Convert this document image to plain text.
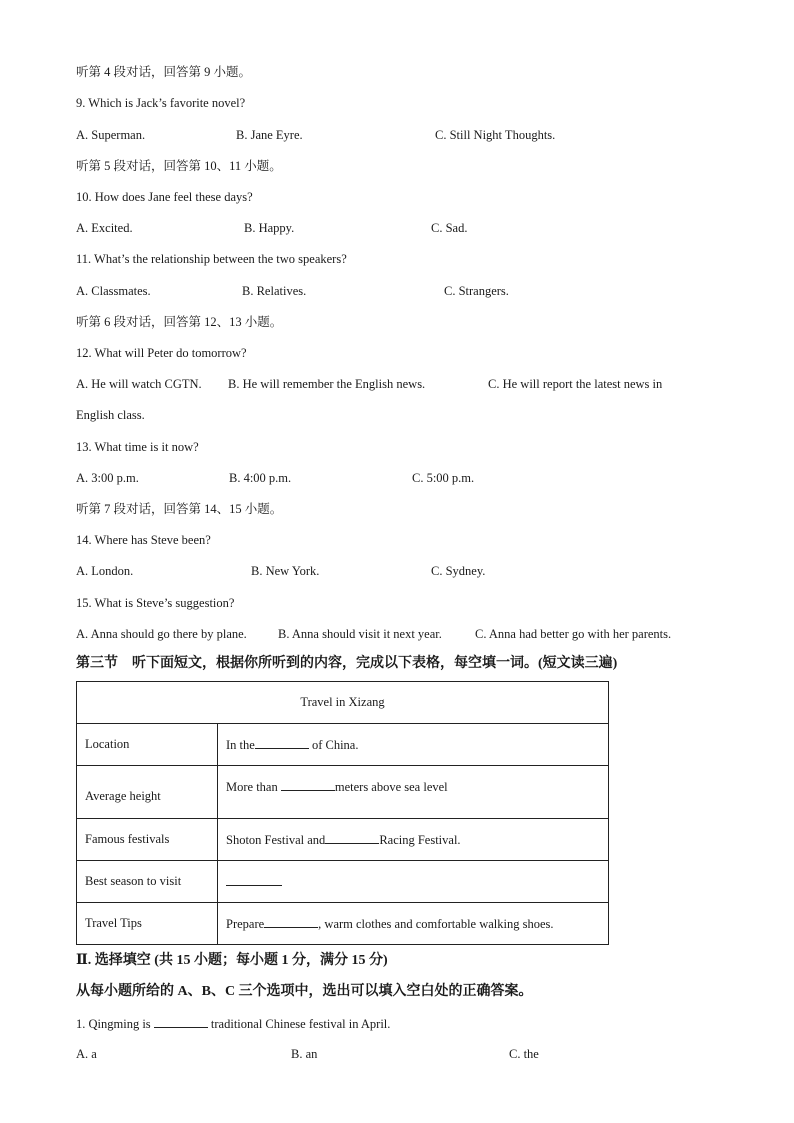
听第 4 段对话，回答第 9 小题。
9. Which is Jack’s favorite novel?
A. Superman.	B. Jane Eyre.	C. Still Night Thoughts.
听第 5 段对话，回答第 10、11 小题。
10. How does Jane feel these days?
A. Excited.	B. Happy.	C. Sad.
11. What’s the relationship between the two speakers?
A. Classmates.	B. Relatives.	C. Strangers.
听第 6 段对话，回答第 12、13 小题。
12. What will Peter do tomorrow?
A. He will watch CGTN. B. He will remember the English news.	C. He will report the latest news in
English class.
13. What time is it now?
A. 3:00 p.m.	B. 4:00 p.m.	C. 5:00 p.m.
听第 7 段对话，回答第 14、15 小题。
14. Where has Steve been?
A. London.	B. New York.	C. Sydney.
15. What is Steve’s suggestion?
A. Anna should go there by plane. B. Anna should visit it next year.	C. Anna had better go with her parents.
第三节　听下面短文，根据你所听到的内容，完成以下表格，每空填一词。(短文读三遍)
Travel in Xizang	
Location	In the of China.
Average height	More than meters above sea level
Famous festivals	Shoton Festival and Racing Festival.
Best season to visit	
Travel Tips	Prepare , warm clothes and comfortable walking shoes.
Ⅱ. 选择填空 (共 15 小题；每小题 1 分，满分 15 分)
从每小题所给的 A、B、C 三个选项中，选出可以填入空白处的正确答案。
1. Qingming is	traditional Chinese festival in April.
A. a	B. an	C. the
